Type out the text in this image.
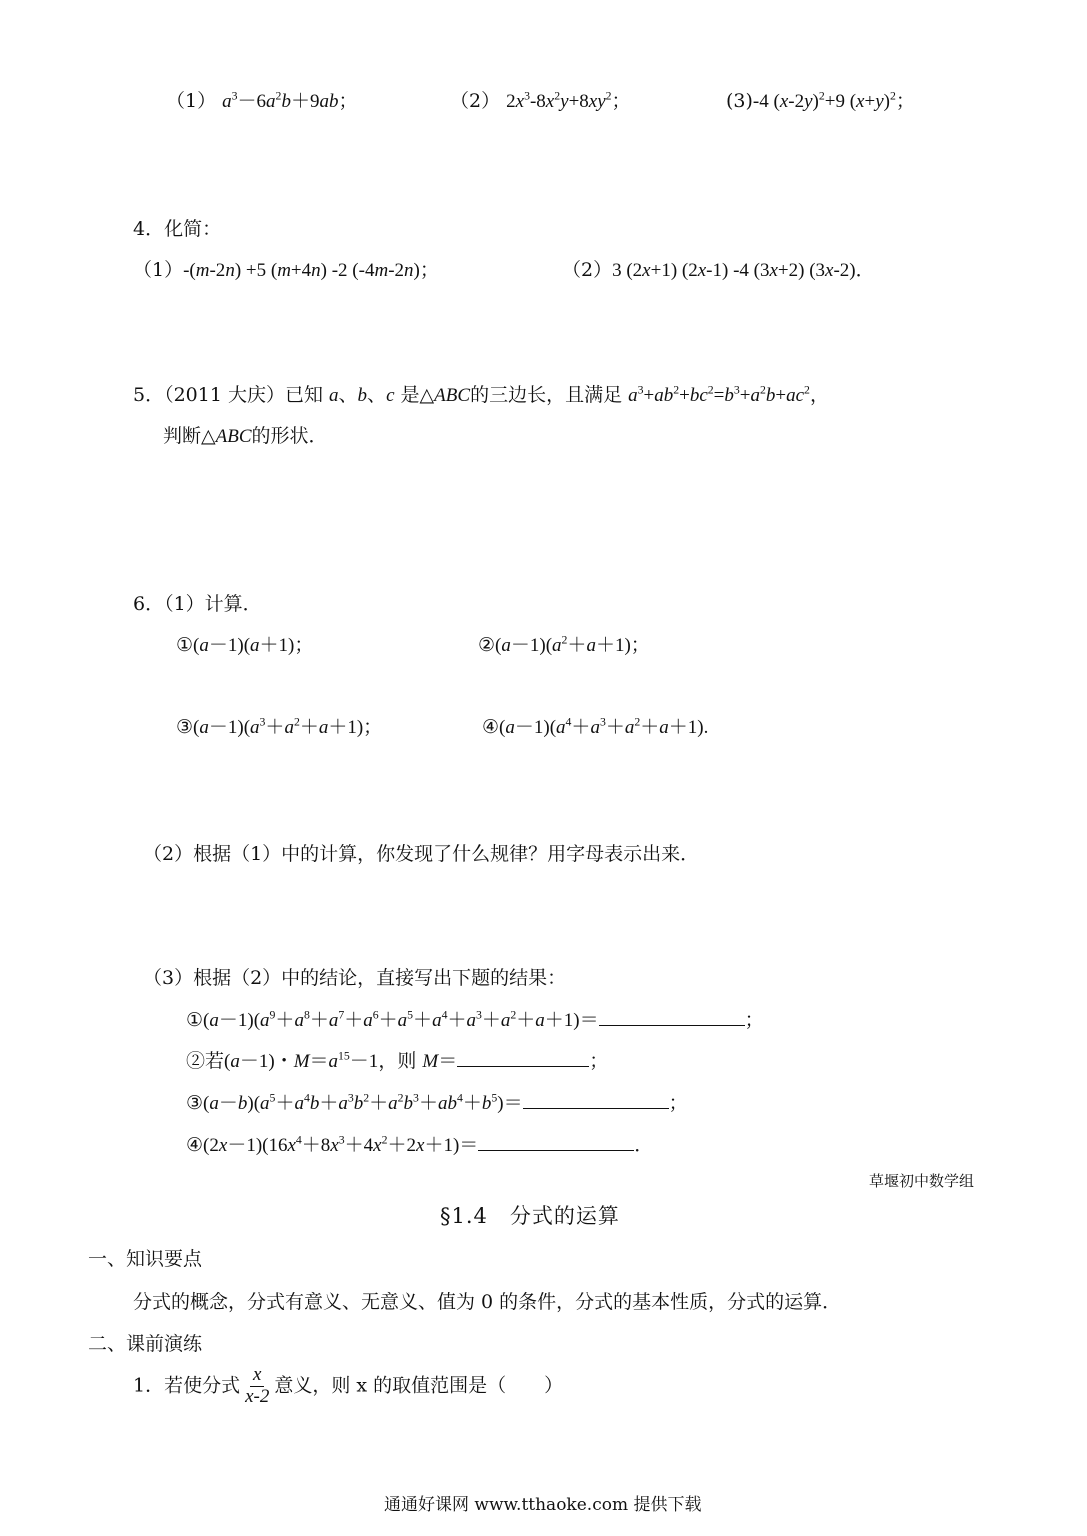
（1） $a^3-6a^2b+9ab$；	（2） $2x^3-8x^2y+8xy^2$；	(3)-4 $(x-2y)^2+9$ $(x+y)^2$；
4．化简：
（1）-(m-2n) +5 (m+4n) -2 (-4m-2n)；	（2）3 (2x+1) (2x-1) -4 (3x+2) (3x-2)．
5．（2011 大庆）已知 a、b、c 是△ABC的三边长，且满足 $a^3+ab^2+bc^2=b^3+a^2b+ac^2$，
判断△ABC的形状．
6．（1）计算．
①(a－1)(a＋1)；	$②(a-1)(a^2+a+1)$；
$③(a-1)(a^3+a^2+a+1)$；	$④(a-1)(a^4+a^3+a^2+a+1)$.
（2）根据（1）中的计算，你发现了什么规律？用字母表示出来．
（3）根据（2）中的结论，直接写出下题的结果：
$①(a-1)(a^9+a^8+a^7+a^6+a^5+a^4+a^3+a^2+a+1)=$	；
②若(a－1)・$M=a^{15}-1$，则 M＝	；
$③(a-b)(a^5+a^4b+a^3b^2+a^2b^3+ab^4+b^5)=$	；
$④(2x-1)(16x^4+8x^3+4x^2+2x+1)=$	．
草堰初中数学组
§1.4　分式的运算
一、知识要点
分式的概念，分式有意义、无意义、值为 0 的条件，分式的基本性质，分式的运算．
二、课前演练
1．若使分式 $\frac{x}{x-2}$ 意义，则 x 的取值范围是（　　）
通通好课网 www.tthaoke.com 提供下载
